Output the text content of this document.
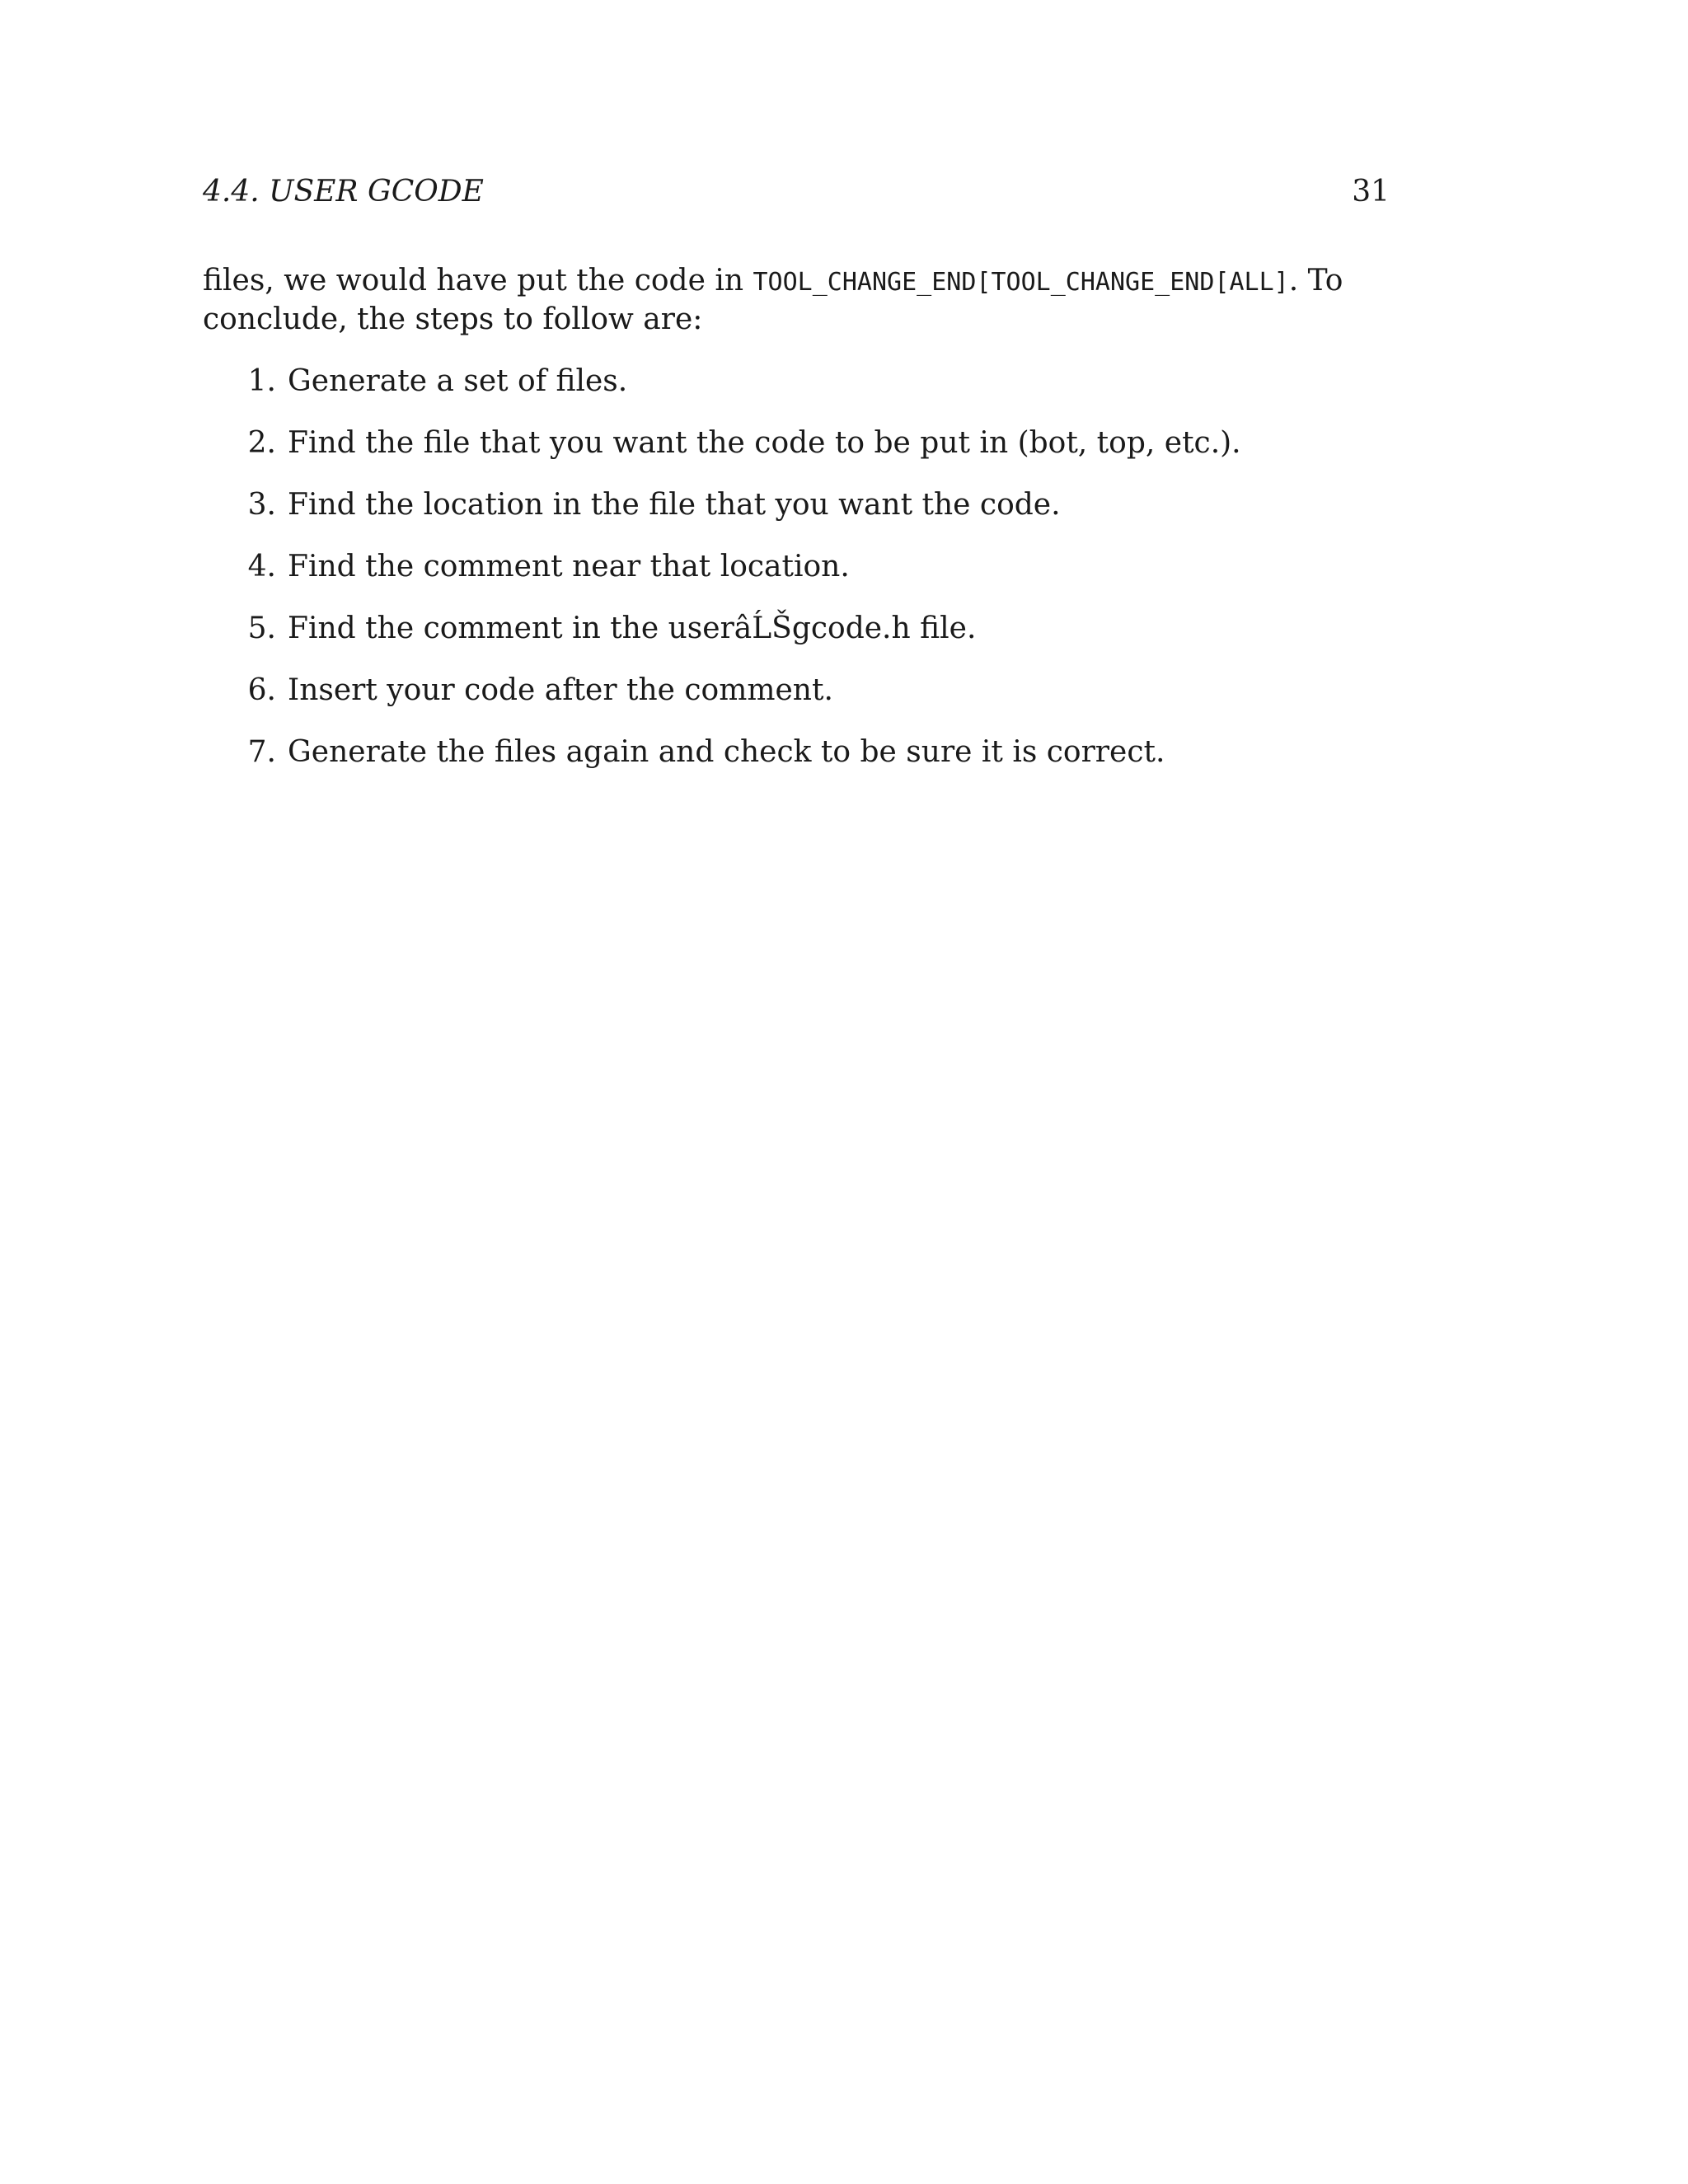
4.4. USER GCODE	31

files, we would have put the code in TOOL_CHANGE_END[TOOL_CHANGE_END[ALL]. To conclude, the steps to follow are:

1. Generate a set of files.
2. Find the file that you want the code to be put in (bot, top, etc.).
3. Find the location in the file that you want the code.
4. Find the comment near that location.
5. Find the comment in the userâĹŠgcode.h file.
6. Insert your code after the comment.
7. Generate the files again and check to be sure it is correct.
